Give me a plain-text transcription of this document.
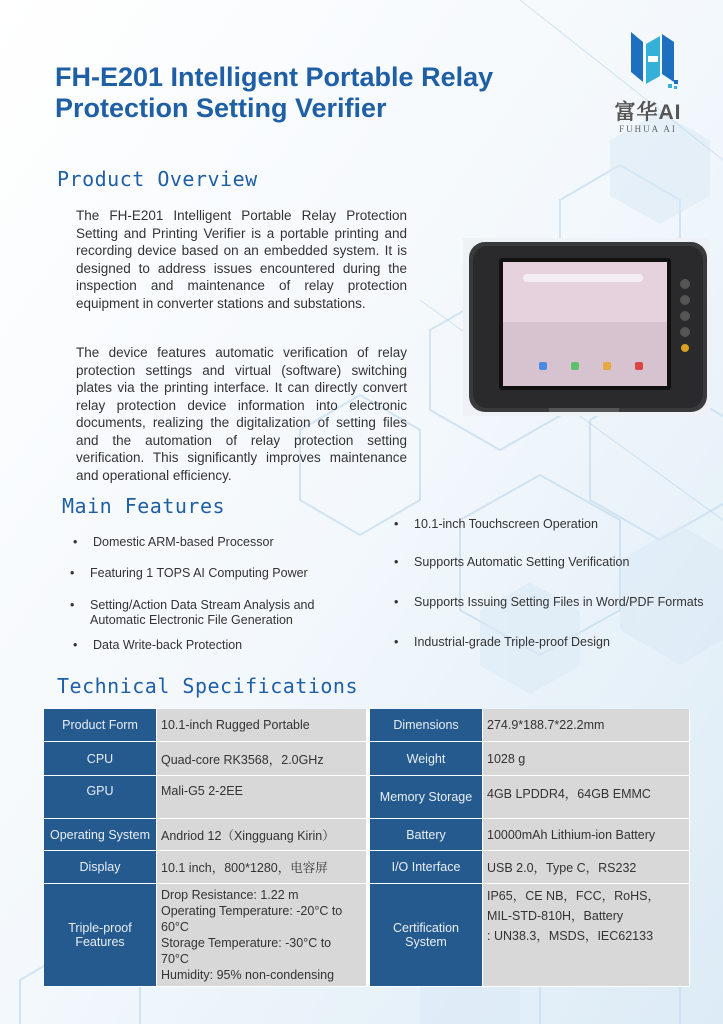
FH-E201 Intelligent Portable Relay
Protection Setting Verifier	富华AI
FUHUA AI
Product Overview

The FH-E201 Intelligent Portable Relay Protection Setting and Printing Verifier is a portable printing and recording device based on an embedded system. It is designed to address issues encountered during the inspection and maintenance of relay protection equipment in converter stations and substations.

The device features automatic verification of relay protection settings and virtual (software) switching plates via the printing interface. It can directly convert relay protection device information into electronic documents, realizing the digitalization of setting files and the automation of relay protection setting verification. This significantly improves maintenance and operational efficiency.

Main Features
• Domestic ARM-based Processor
• Featuring 1 TOPS AI Computing Power
• Setting/Action Data Stream Analysis and Automatic Electronic File Generation
• Data Write-back Protection
• 10.1-inch Touchscreen Operation
• Supports Automatic Setting Verification
• Supports Issuing Setting Files in Word/PDF Formats
• Industrial-grade Triple-proof Design
Technical Specifications
Product Form	10.1-inch Rugged Portable	Dimensions	274.9*188.7*22.2mm
CPU	Quad-core RK3568，2.0GHz	Weight	1028 g
GPU	Mali-G5 2-2EE	Memory Storage	4GB LPDDR4，64GB EMMC
Operating System	Andriod 12（Xingguang Kirin）	Battery	10000mAh Lithium-ion Battery
Display	10.1 inch，800*1280，电容屏	I/O Interface	USB 2.0，Type C，RS232
Triple-proof Features	Drop Resistance: 1.22 m
Operating Temperature: -20°C to 60°C
Storage Temperature: -30°C to 70°C
Humidity: 95% non-condensing	Certification System	IP65，CE NB，FCC，RoHS，
MIL-STD-810H，Battery
: UN38.3，MSDS，IEC62133
